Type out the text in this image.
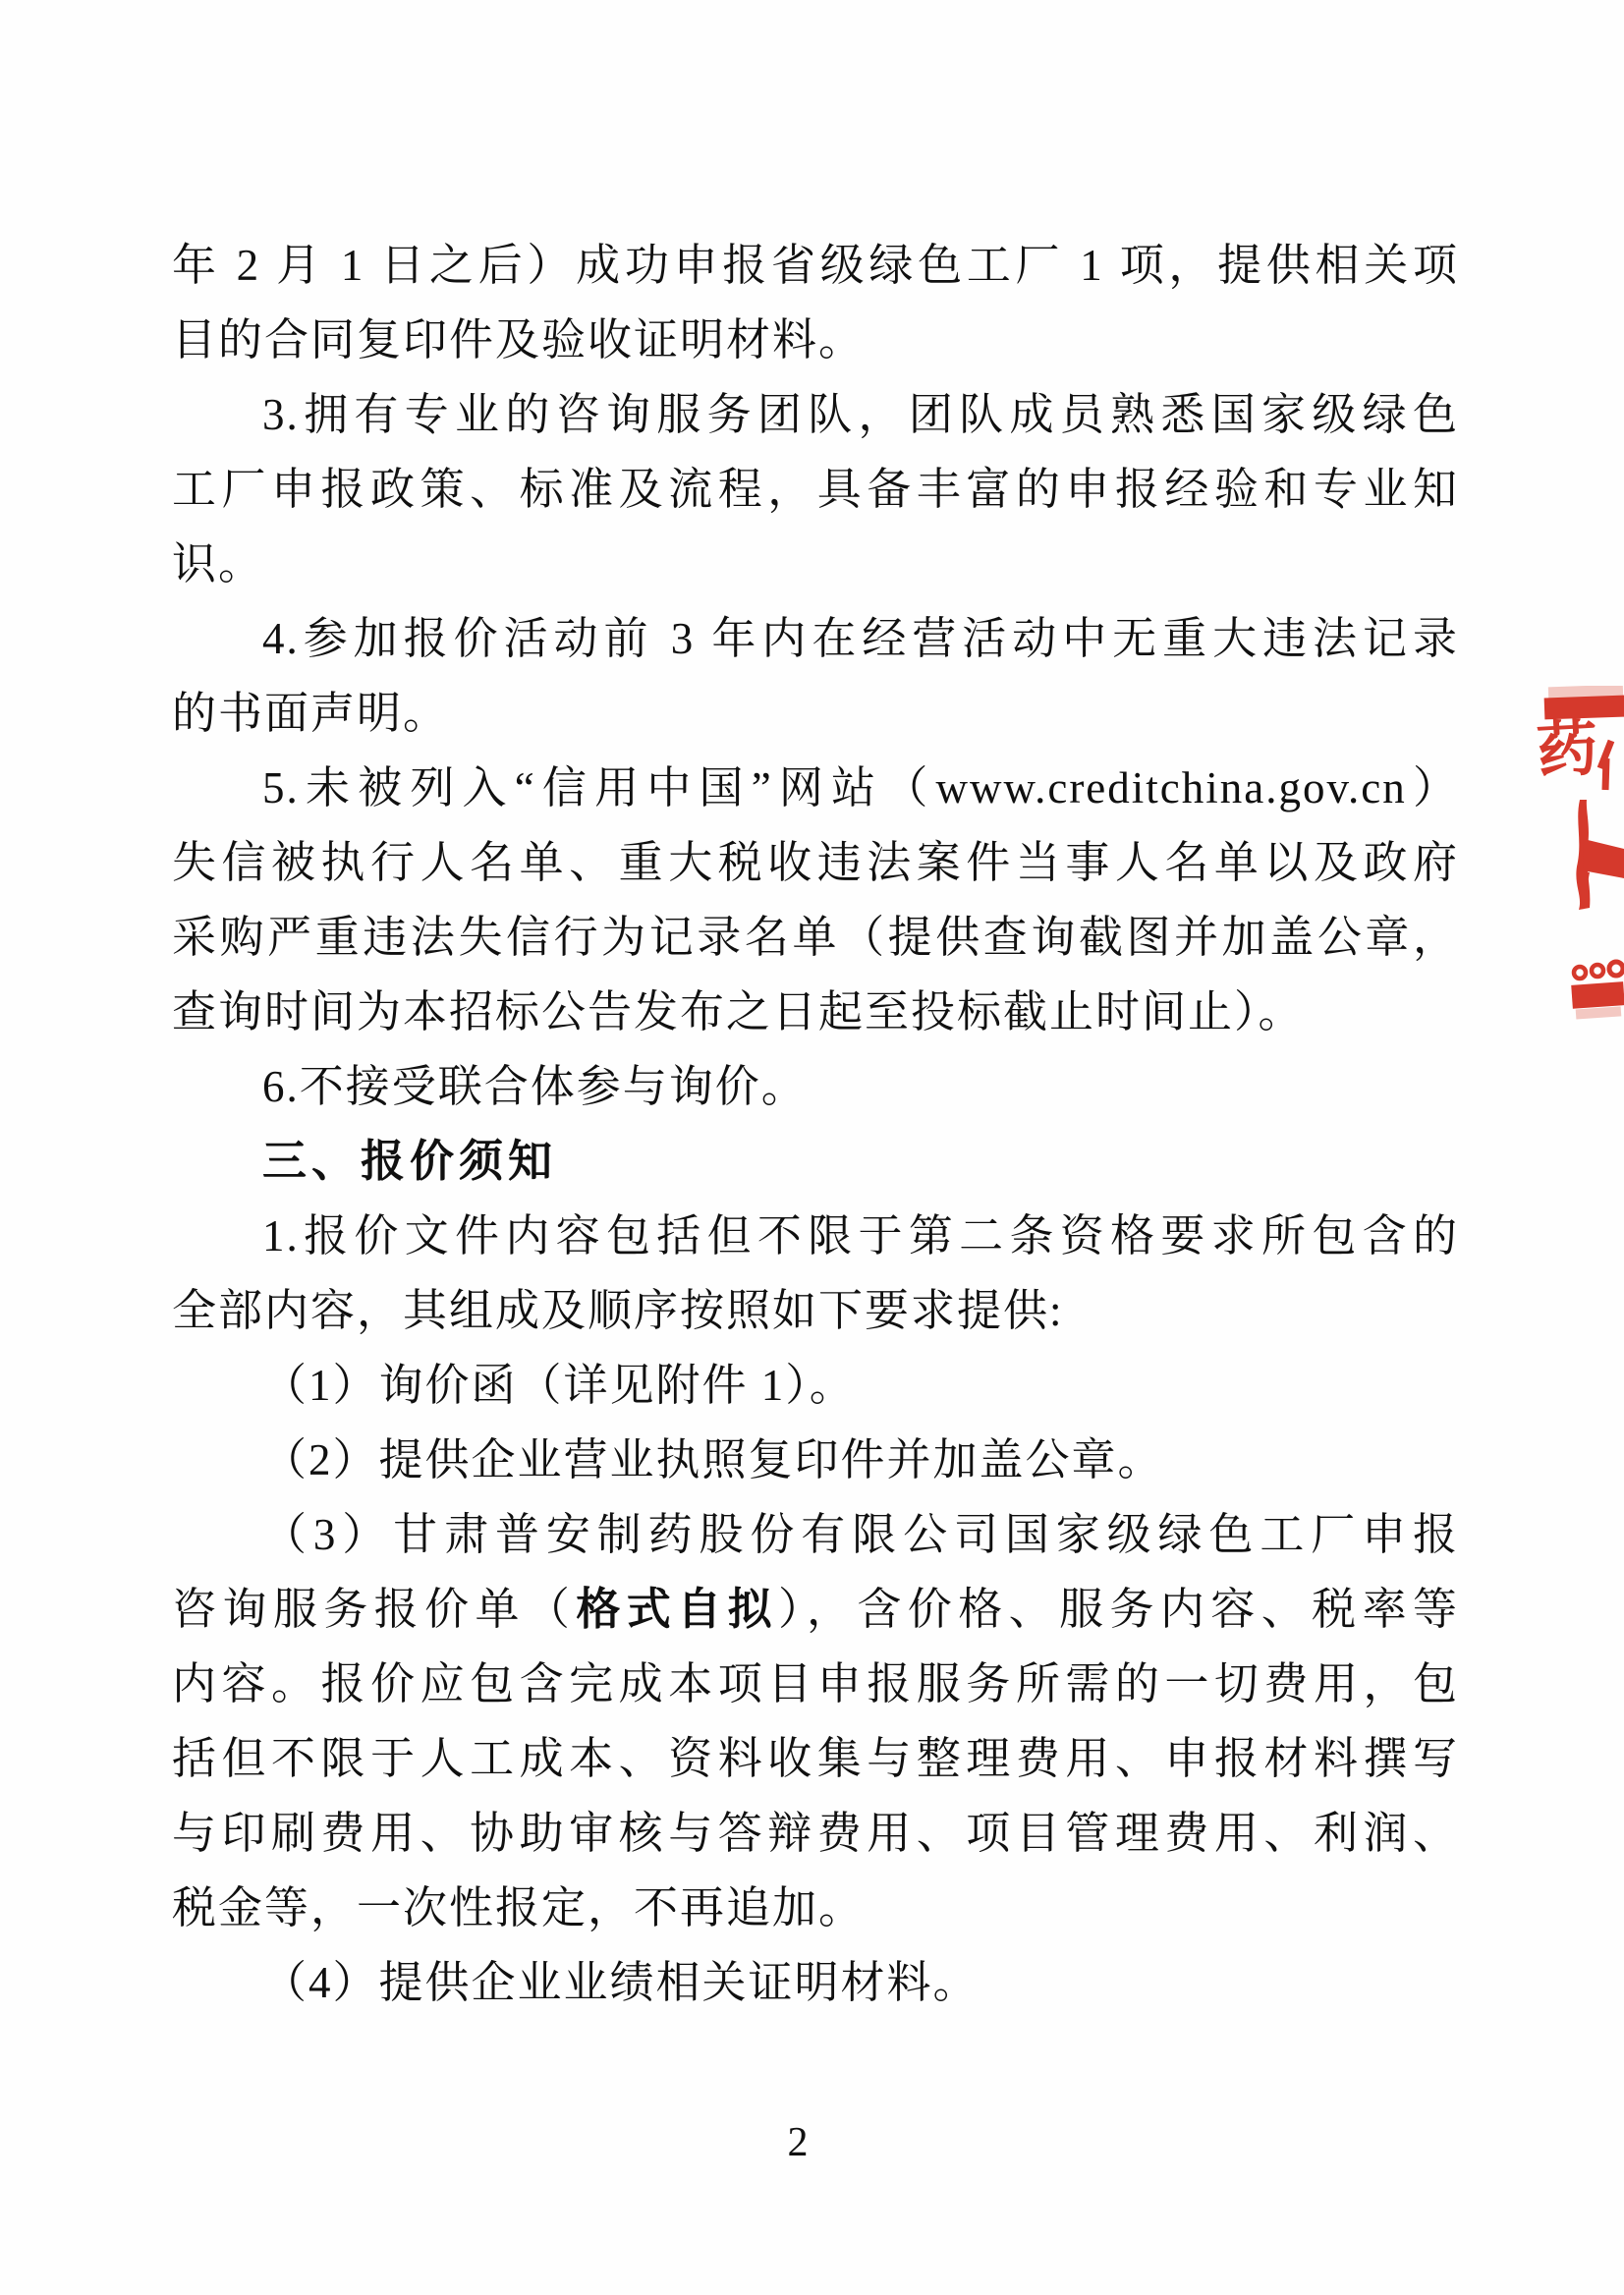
年 2 月 1 日之后）成功申报省级绿色工厂 1 项，提供相关项
目的合同复印件及验收证明材料。
3.拥有专业的咨询服务团队，团队成员熟悉国家级绿色
工厂申报政策、标准及流程，具备丰富的申报经验和专业知
识。
4.参加报价活动前 3 年内在经营活动中无重大违法记录
的书面声明。
5.未被列入“信用中国”网站（www.creditchina.gov.cn）
失信被执行人名单、重大税收违法案件当事人名单以及政府
采购严重违法失信行为记录名单（提供查询截图并加盖公章，
查询时间为本招标公告发布之日起至投标截止时间止）。
6.不接受联合体参与询价。
三、报价须知
1.报价文件内容包括但不限于第二条资格要求所包含的
全部内容，其组成及顺序按照如下要求提供:
（1）询价函（详见附件 1）。
（2）提供企业营业执照复印件并加盖公章。
（3）甘肃普安制药股份有限公司国家级绿色工厂申报
咨询服务报价单（格式自拟），含价格、服务内容、税率等
内容。报价应包含完成本项目申报服务所需的一切费用，包
括但不限于人工成本、资料收集与整理费用、申报材料撰写
与印刷费用、协助审核与答辩费用、项目管理费用、利润、
税金等，一次性报定，不再追加。
（4）提供企业业绩相关证明材料。
药
2
